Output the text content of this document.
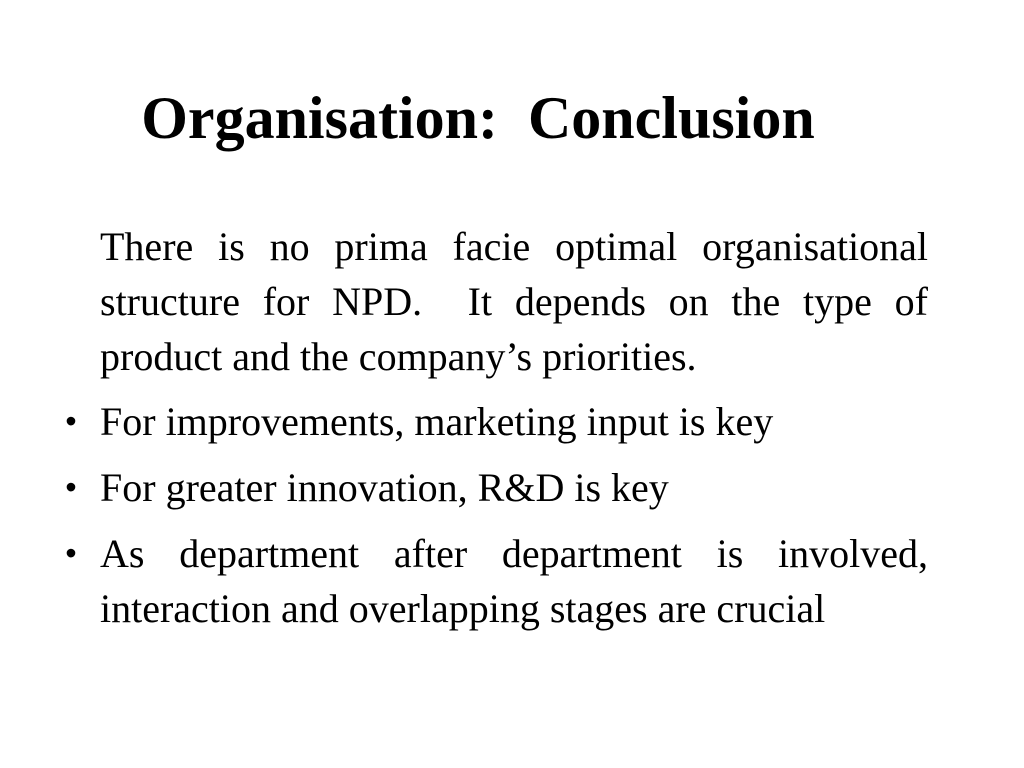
Organisation:  Conclusion

There is no prima facie optimal organisational structure for NPD.  It depends on the type of product and the company’s priorities.

• For improvements, marketing input is key
• For greater innovation, R&D is key
• As department after department is involved, interaction and overlapping stages are crucial
